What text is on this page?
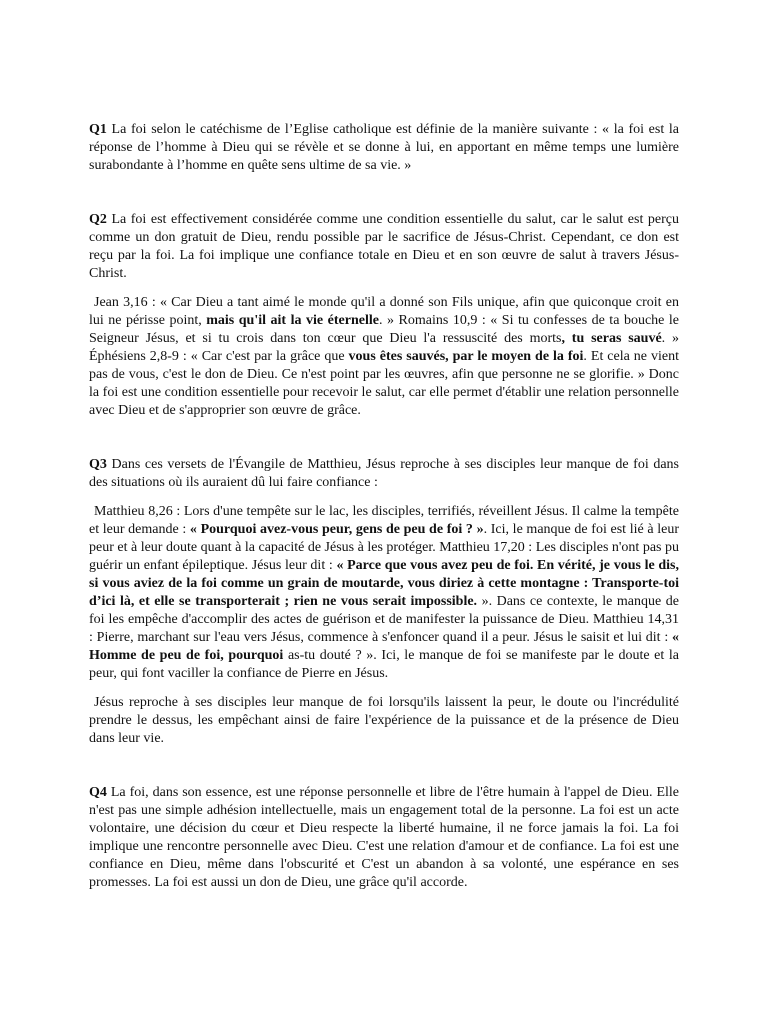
Q1 La foi selon le catéchisme de l’Eglise catholique est définie de la manière suivante : « la foi est la réponse de l’homme à Dieu qui se révèle et se donne à lui, en apportant en même temps une lumière surabondante à l’homme en quête sens ultime de sa vie. »

Q2 La foi est effectivement considérée comme une condition essentielle du salut, car le salut est perçu comme un don gratuit de Dieu, rendu possible par le sacrifice de Jésus-Christ. Cependant, ce don est reçu par la foi. La foi implique une confiance totale en Dieu et en son œuvre de salut à travers Jésus-Christ.

Jean 3,16 : « Car Dieu a tant aimé le monde qu'il a donné son Fils unique, afin que quiconque croit en lui ne périsse point, mais qu'il ait la vie éternelle. » Romains 10,9 : « Si tu confesses de ta bouche le Seigneur Jésus, et si tu crois dans ton cœur que Dieu l'a ressuscité des morts, tu seras sauvé. » Éphésiens 2,8-9 : « Car c'est par la grâce que vous êtes sauvés, par le moyen de la foi. Et cela ne vient pas de vous, c'est le don de Dieu. Ce n'est point par les œuvres, afin que personne ne se glorifie. » Donc la foi est une condition essentielle pour recevoir le salut, car elle permet d'établir une relation personnelle avec Dieu et de s'approprier son œuvre de grâce.

Q3 Dans ces versets de l'Évangile de Matthieu, Jésus reproche à ses disciples leur manque de foi dans des situations où ils auraient dû lui faire confiance :

Matthieu 8,26 : Lors d'une tempête sur le lac, les disciples, terrifiés, réveillent Jésus. Il calme la tempête et leur demande : « Pourquoi avez-vous peur, gens de peu de foi ? ». Ici, le manque de foi est lié à leur peur et à leur doute quant à la capacité de Jésus à les protéger. Matthieu 17,20 : Les disciples n'ont pas pu guérir un enfant épileptique. Jésus leur dit : « Parce que vous avez peu de foi. En vérité, je vous le dis, si vous aviez de la foi comme un grain de moutarde, vous diriez à cette montagne : Transporte-toi d’ici là, et elle se transporterait ; rien ne vous serait impossible. ». Dans ce contexte, le manque de foi les empêche d'accomplir des actes de guérison et de manifester la puissance de Dieu. Matthieu 14,31 : Pierre, marchant sur l'eau vers Jésus, commence à s'enfoncer quand il a peur. Jésus le saisit et lui dit : « Homme de peu de foi, pourquoi as-tu douté ? ». Ici, le manque de foi se manifeste par le doute et la peur, qui font vaciller la confiance de Pierre en Jésus.

Jésus reproche à ses disciples leur manque de foi lorsqu'ils laissent la peur, le doute ou l'incrédulité prendre le dessus, les empêchant ainsi de faire l'expérience de la puissance et de la présence de Dieu dans leur vie.

Q4 La foi, dans son essence, est une réponse personnelle et libre de l'être humain à l'appel de Dieu. Elle n'est pas une simple adhésion intellectuelle, mais un engagement total de la personne. La foi est un acte volontaire, une décision du cœur et Dieu respecte la liberté humaine, il ne force jamais la foi. La foi implique une rencontre personnelle avec Dieu. C'est une relation d'amour et de confiance. La foi est une confiance en Dieu, même dans l'obscurité et C'est un abandon à sa volonté, une espérance en ses promesses. La foi est aussi un don de Dieu, une grâce qu'il accorde.
